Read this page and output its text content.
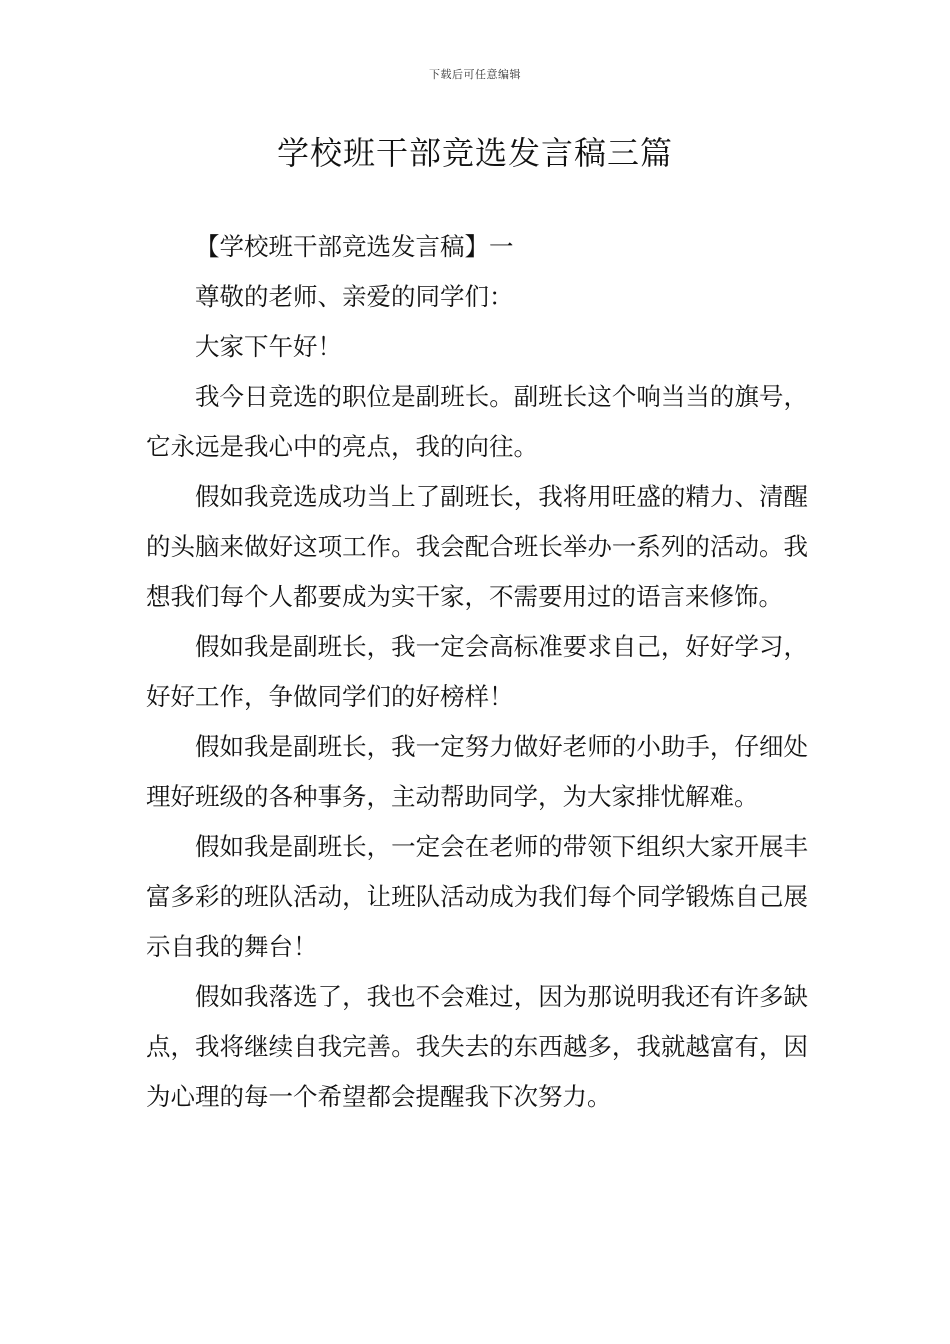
下载后可任意编辑
学校班干部竞选发言稿三篇

【学校班干部竞选发言稿】一

尊敬的老师、亲爱的同学们：

大家下午好！

我今日竞选的职位是副班长。副班长这个响当当的旗号，它永远是我心中的亮点，我的向往。

假如我竞选成功当上了副班长，我将用旺盛的精力、清醒的头脑来做好这项工作。我会配合班长举办一系列的活动。我想我们每个人都要成为实干家，不需要用过的语言来修饰。

假如我是副班长，我一定会高标准要求自己，好好学习，好好工作，争做同学们的好榜样！

假如我是副班长，我一定努力做好老师的小助手，仔细处理好班级的各种事务，主动帮助同学，为大家排忧解难。

假如我是副班长，一定会在老师的带领下组织大家开展丰富多彩的班队活动，让班队活动成为我们每个同学锻炼自己展示自我的舞台！

假如我落选了，我也不会难过，因为那说明我还有许多缺点，我将继续自我完善。我失去的东西越多，我就越富有，因为心理的每一个希望都会提醒我下次努力。
